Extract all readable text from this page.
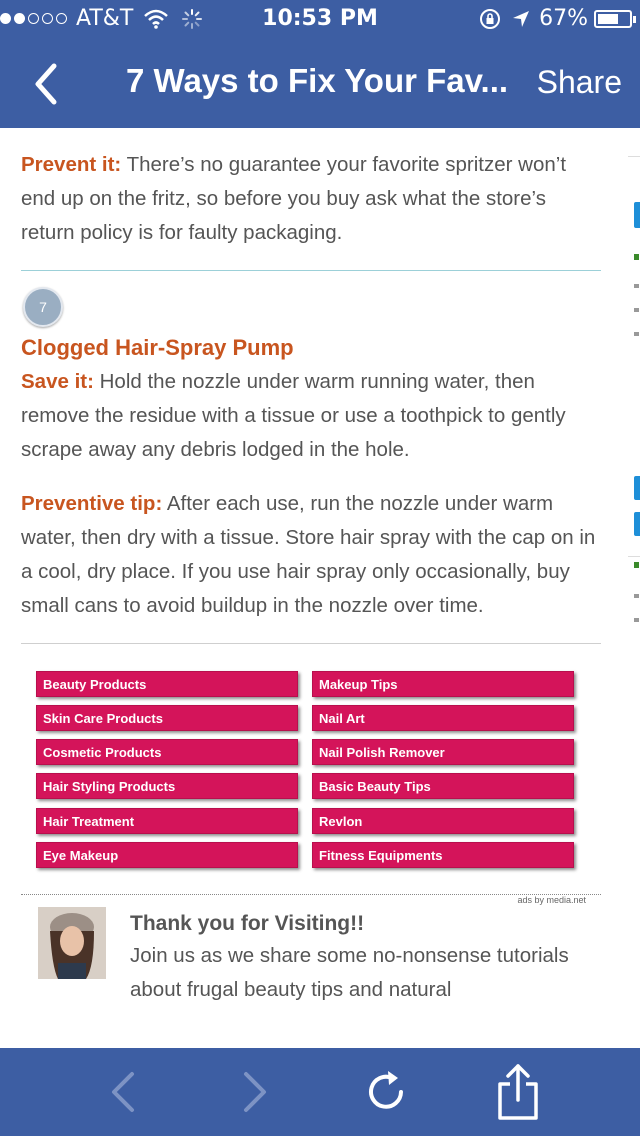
AT&T	10:53 PM	67%
7 Ways to Fix Your Fav... Share

Prevent it: There’s no guarantee your favorite spritzer won’t end up on the fritz, so before you buy ask what the store’s return policy is for faulty packaging.

7
Clogged Hair-Spray Pump

Save it: Hold the nozzle under warm running water, then remove the residue with a tissue or use a toothpick to gently scrape away any debris lodged in the hole.

Preventive tip: After each use, run the nozzle under warm water, then dry with a tissue. Store hair spray with the cap on in a cool, dry place. If you use hair spray only occasionally, buy small cans to avoid buildup in the nozzle over time.

Beauty Products
Skin Care Products
Cosmetic Products
Hair Styling Products
Hair Treatment
Eye Makeup
Makeup Tips
Nail Art
Nail Polish Remover
Basic Beauty Tips
Revlon
Fitness Equipments
ads by media.net
Thank you for Visiting!!
Join us as we share some no-nonsense tutorials about frugal beauty tips and natural
